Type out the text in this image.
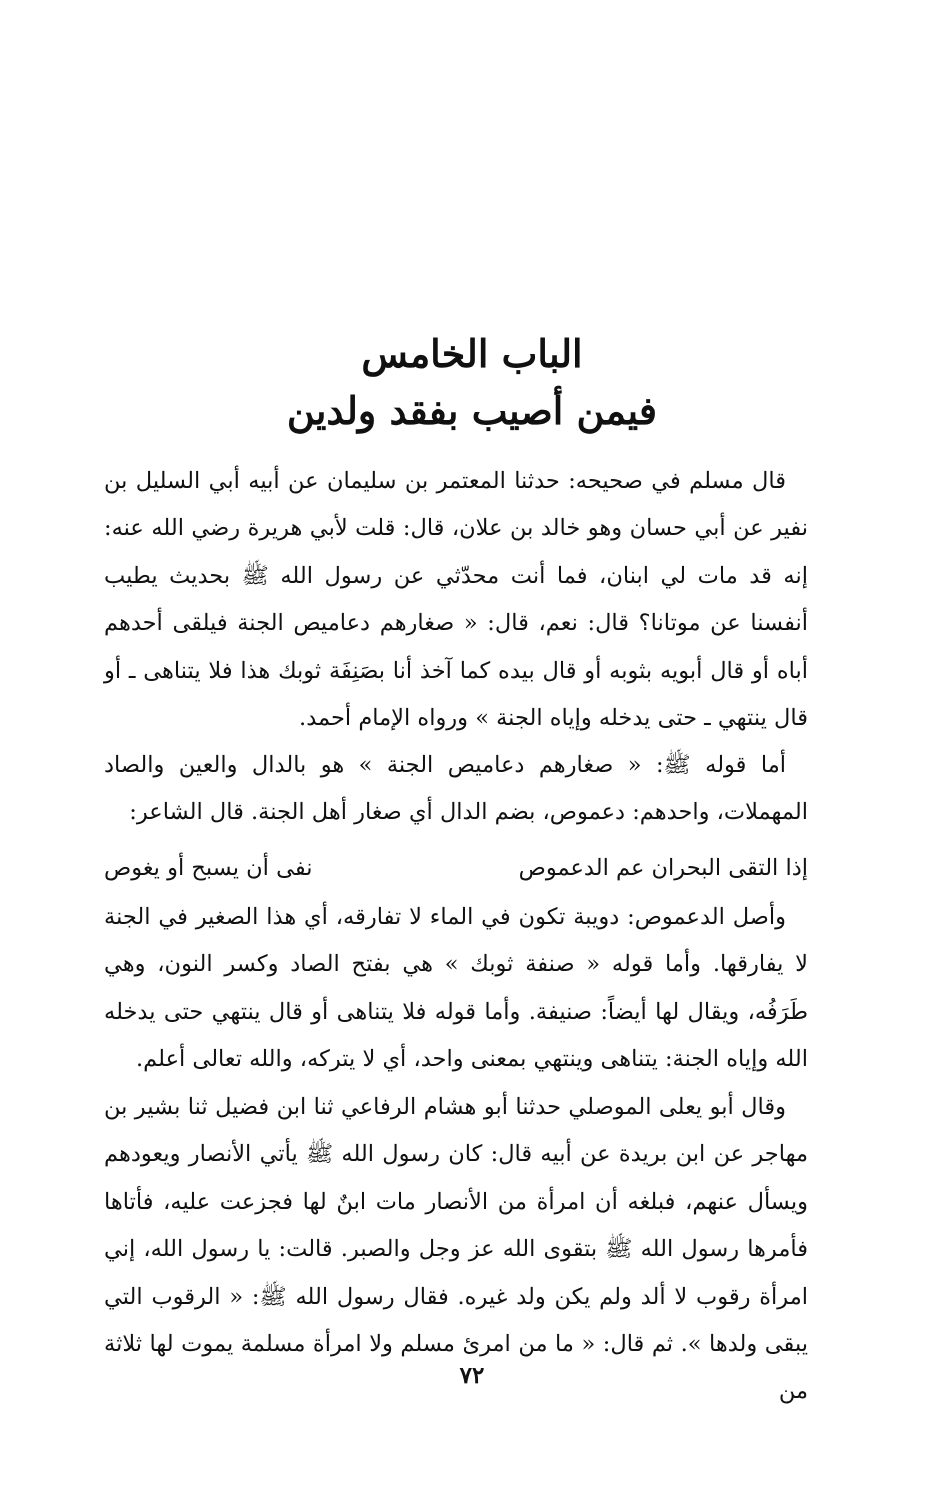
الباب الخامس
فيمن أصيب بفقد ولدين
قال مسلم في صحيحه: حدثنا المعتمر بن سليمان عن أبيه أبي السليل بن نفير عن أبي حسان وهو خالد بن علان، قال: قلت لأبي هريرة رضي الله عنه: إنه قد مات لي ابنان، فما أنت محدّثي عن رسول الله ﷺ بحديث يطيب أنفسنا عن موتانا؟ قال: نعم، قال: « صغارهم دعاميص الجنة فيلقى أحدهم أباه أو قال أبويه بثوبه أو قال بيده كما آخذ أنا بصَنِفَة ثوبك هذا فلا يتناهى ـ أو قال ينتهي ـ حتى يدخله وإياه الجنة » ورواه الإمام أحمد.
أما قوله ﷺ: « صغارهم دعاميص الجنة » هو بالدال والعين والصاد المهملات، واحدهم: دعموص، بضم الدال أي صغار أهل الجنة. قال الشاعر:
إذا التقى البحران عم الدعموص
نفى أن يسبح أو يغوص
وأصل الدعموص: دويبة تكون في الماء لا تفارقه، أي هذا الصغير في الجنة لا يفارقها. وأما قوله « صنفة ثوبك » هي بفتح الصاد وكسر النون، وهي طَرَفُه، ويقال لها أيضاً: صنيفة. وأما قوله فلا يتناهى أو قال ينتهي حتى يدخله الله وإياه الجنة: يتناهى وينتهي بمعنى واحد، أي لا يتركه، والله تعالى أعلم.
وقال أبو يعلى الموصلي حدثنا أبو هشام الرفاعي ثنا ابن فضيل ثنا بشير بن مهاجر عن ابن بريدة عن أبيه قال: كان رسول الله ﷺ يأتي الأنصار ويعودهم ويسأل عنهم، فبلغه أن امرأة من الأنصار مات ابنٌ لها فجزعت عليه، فأتاها فأمرها رسول الله ﷺ بتقوى الله عز وجل والصبر. قالت: يا رسول الله، إني امرأة رقوب لا ألد ولم يكن ولد غيره. فقال رسول الله ﷺ: « الرقوب التي يبقى ولدها ». ثم قال: « ما من امرئ مسلم ولا امرأة مسلمة يموت لها ثلاثة من
٧٢
